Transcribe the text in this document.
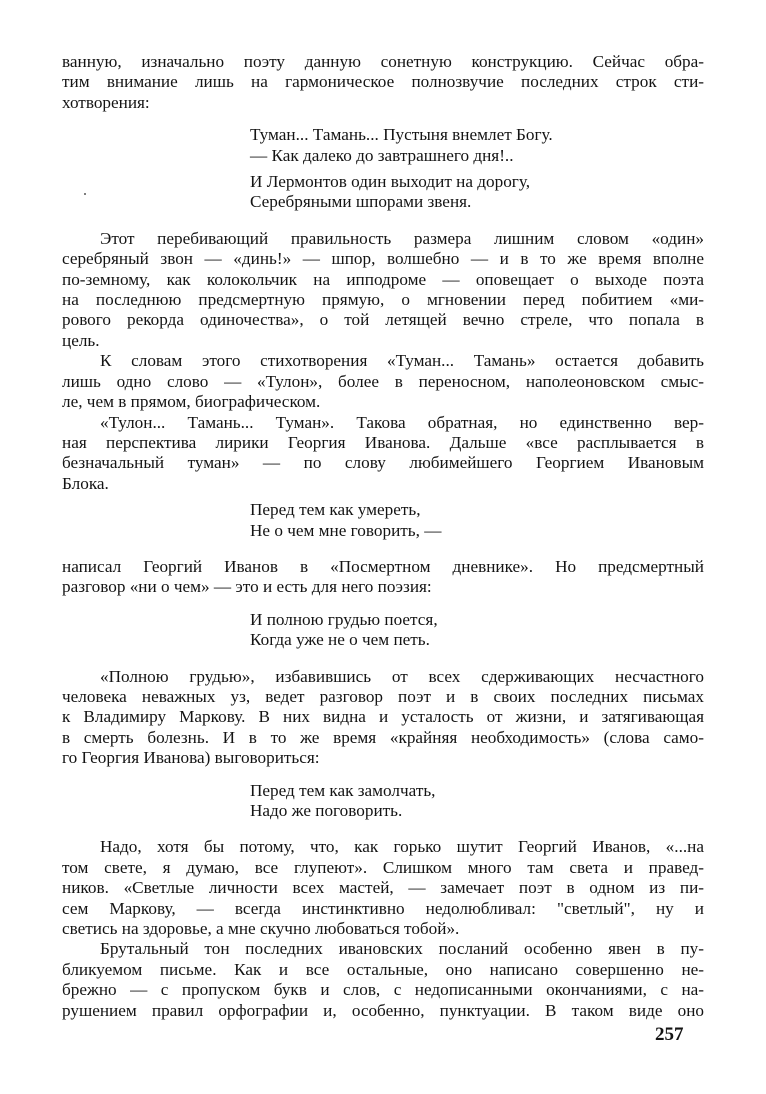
ванную, изначально поэту данную сонетную конструкцию. Сейчас обра-
тим внимание лишь на гармоническое полнозвучие последних строк сти-
хотворения:
Туман... Тамань... Пустыня внемлет Богу.
— Как далеко до завтрашнего дня!..
И Лермонтов один выходит на дорогу,
Серебряными шпорами звеня.
Этот перебивающий правильность размера лишним словом «один»
серебряный звон — «динь!» — шпор, волшебно — и в то же время вполне
по-земному, как колокольчик на ипподроме — оповещает о выходе поэта
на последнюю предсмертную прямую, о мгновении перед побитием «ми-
рового рекорда одиночества», о той летящей вечно стреле, что попала в
цель.
К словам этого стихотворения «Туман... Тамань» остается добавить
лишь одно слово — «Тулон», более в переносном, наполеоновском смыс-
ле, чем в прямом, биографическом.
«Тулон... Тамань... Туман». Такова обратная, но единственно вер-
ная перспектива лирики Георгия Иванова. Дальше «все расплывается в
безначальный туман» — по слову любимейшего Георгием Ивановым
Блока.
Перед тем как умереть,
Не о чем мне говорить, —
написал Георгий Иванов в «Посмертном дневнике». Но предсмертный
разговор «ни о чем» — это и есть для него поэзия:
И полною грудью поется,
Когда уже не о чем петь.
«Полною грудью», избавившись от всех сдерживающих несчастного
человека неважных уз, ведет разговор поэт и в своих последних письмах
к Владимиру Маркову. В них видна и усталость от жизни, и затягивающая
в смерть болезнь. И в то же время «крайняя необходимость» (слова само-
го Георгия Иванова) выговориться:
Перед тем как замолчать,
Надо же поговорить.
Надо, хотя бы потому, что, как горько шутит Георгий Иванов, «...на
том свете, я думаю, все глупеют». Слишком много там света и правед-
ников. «Светлые личности всех мастей, — замечает поэт в одном из пи-
сем Маркову, — всегда инстинктивно недолюбливал: "светлый", ну и
светись на здоровье, а мне скучно любоваться тобой».
Брутальный тон последних ивановских посланий особенно явен в пу-
бликуемом письме. Как и все остальные, оно написано совершенно не-
брежно — с пропуском букв и слов, с недописанными окончаниями, с на-
рушением правил орфографии и, особенно, пунктуации. В таком виде оно
257
